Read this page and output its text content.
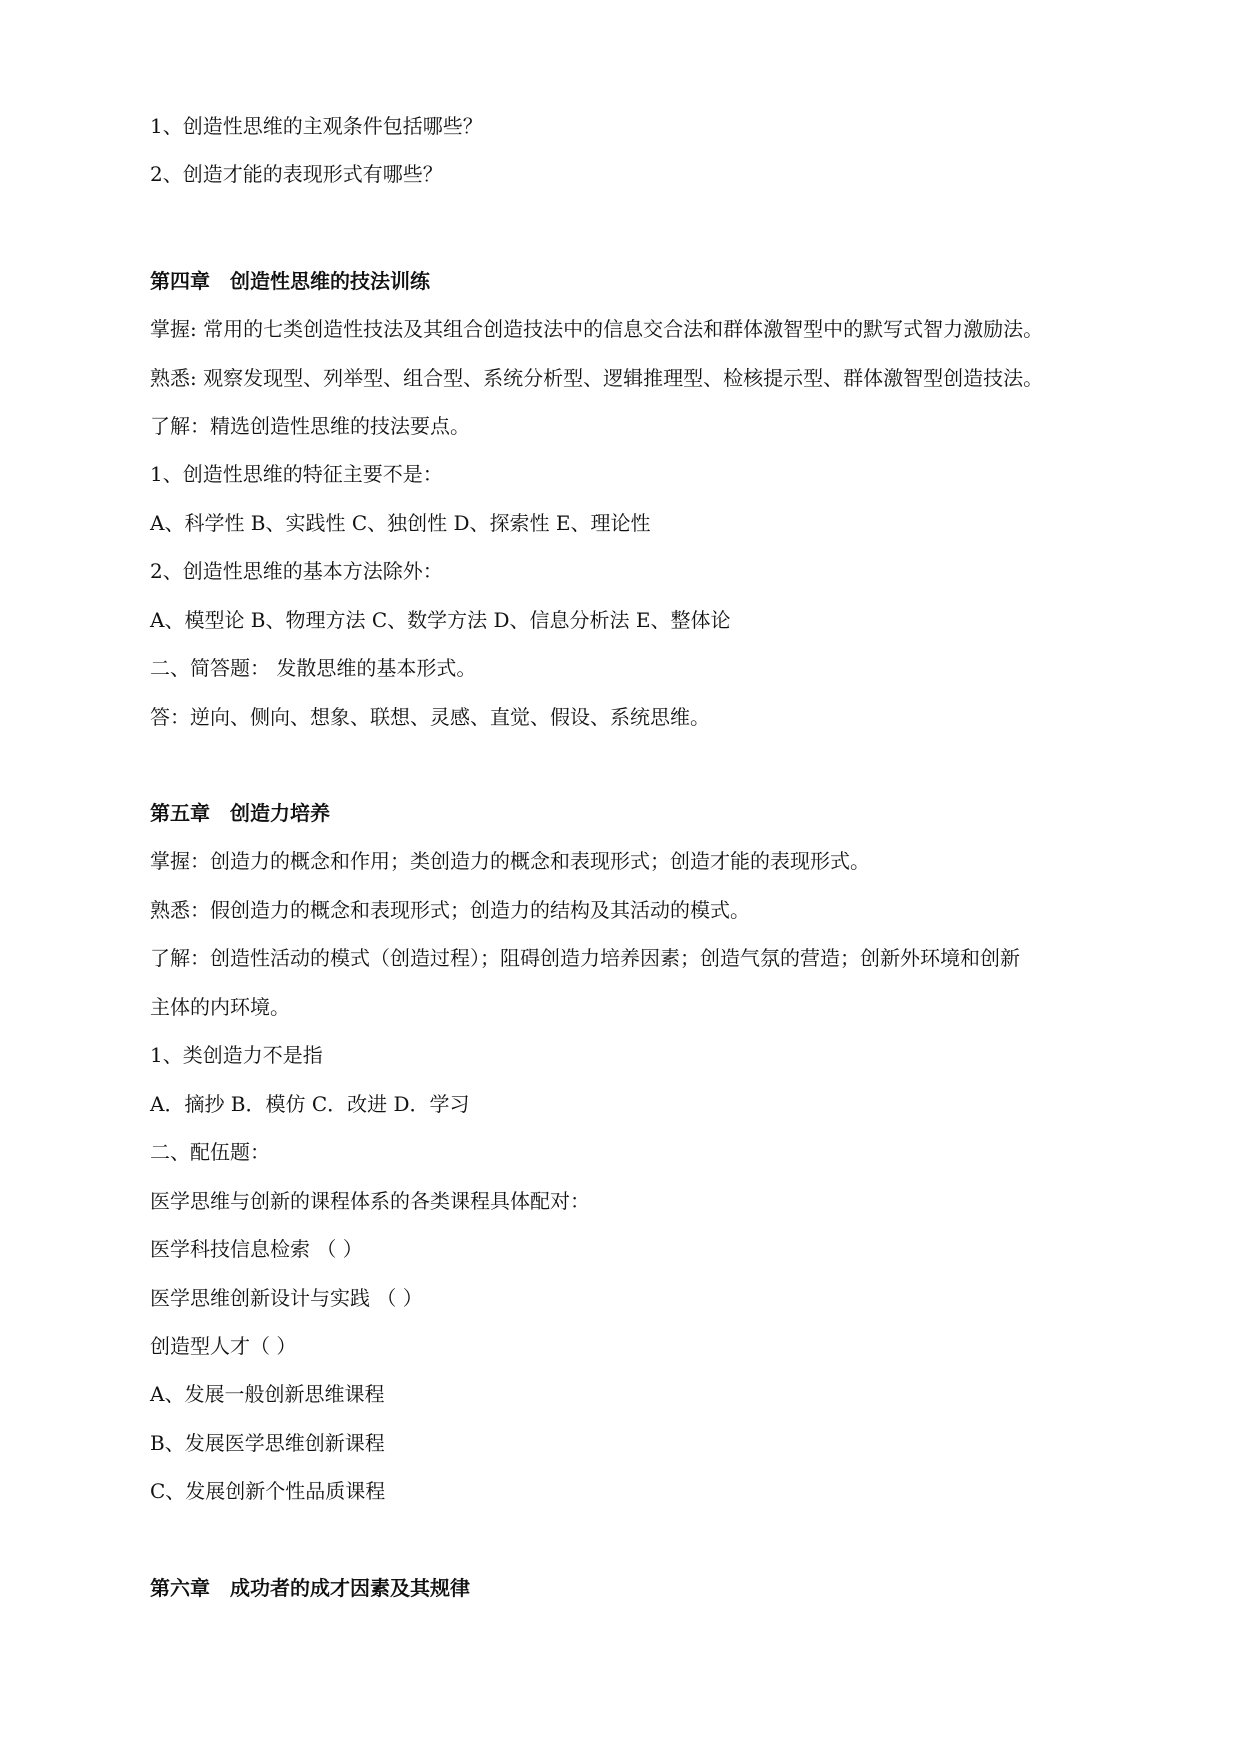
1、创造性思维的主观条件包括哪些？
2、创造才能的表现形式有哪些？
第四章　创造性思维的技法训练
掌握: 常用的七类创造性技法及其组合创造技法中的信息交合法和群体激智型中的默写式智力激励法。
熟悉: 观察发现型、列举型、组合型、系统分析型、逻辑推理型、检核提示型、群体激智型创造技法。
了解：精选创造性思维的技法要点。
1、创造性思维的特征主要不是：
A、科学性 B、实践性 C、独创性 D、探索性 E、理论性
2、创造性思维的基本方法除外：
A、模型论 B、物理方法 C、数学方法 D、信息分析法 E、整体论
二、简答题： 发散思维的基本形式。
答：逆向、侧向、想象、联想、灵感、直觉、假设、系统思维。
第五章　创造力培养
掌握：创造力的概念和作用；类创造力的概念和表现形式；创造才能的表现形式。
熟悉：假创造力的概念和表现形式；创造力的结构及其活动的模式。
了解：创造性活动的模式（创造过程）；阻碍创造力培养因素；创造气氛的营造；创新外环境和创新
主体的内环境。
1、类创造力不是指
A．摘抄 B．模仿 C．改进 D．学习
二、配伍题：
医学思维与创新的课程体系的各类课程具体配对：
医学科技信息检索 （ ）
医学思维创新设计与实践 （ ）
创造型人才（ ）
A、发展一般创新思维课程
B、发展医学思维创新课程
C、发展创新个性品质课程
第六章　成功者的成才因素及其规律
